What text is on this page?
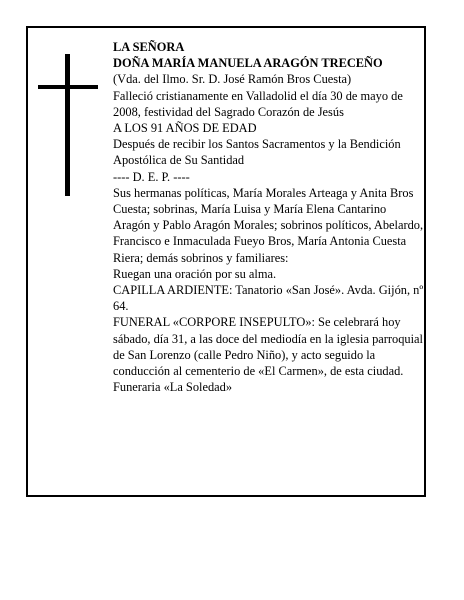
LA SEÑORA

DOÑA MARÍA MANUELA ARAGÓN TRECEÑO

(Vda. del Ilmo. Sr. D. José Ramón Bros Cuesta)

Falleció cristianamente en Valladolid el día 30 de mayo de 2008, festividad del Sagrado Corazón de Jesús

A LOS 91 AÑOS DE EDAD

Después de recibir los Santos Sacramentos y la Bendición Apostólica de Su Santidad

---- D. E. P. ----

Sus hermanas políticas, María Morales Arteaga y Anita Bros Cuesta; sobrinas, María Luisa y María Elena Cantarino Aragón y Pablo Aragón Morales; sobrinos políticos, Abelardo, Francisco e Inmaculada Fueyo Bros, María Antonia Cuesta Riera; demás sobrinos y familiares:

Ruegan una oración por su alma.

CAPILLA ARDIENTE: Tanatorio «San José». Avda. Gijón, nº 64.

FUNERAL «CORPORE INSEPULTO»: Se celebrará hoy sábado, día 31, a las doce del mediodía en la iglesia parroquial de San Lorenzo (calle Pedro Niño), y acto seguido la conducción al cementerio de «El Carmen», de esta ciudad.

Funeraria «La Soledad»
